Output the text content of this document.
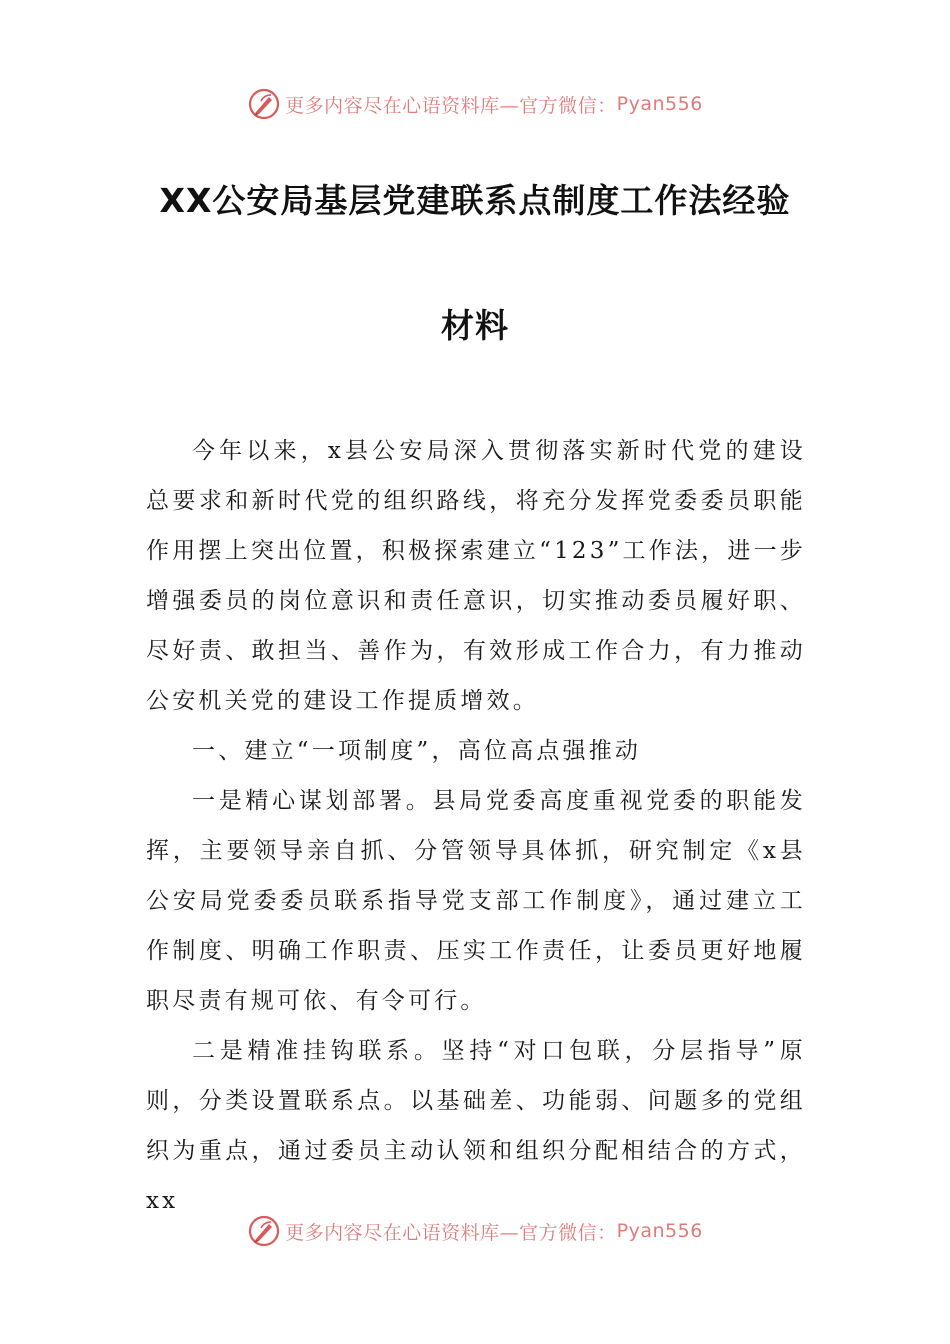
更多内容尽在心语资料库—官方微信： Pyan556
XX公安局基层党建联系点制度工作法经验
材料

今年以来，x县公安局深入贯彻落实新时代党的建设总要求和新时代党的组织路线，将充分发挥党委委员职能作用摆上突出位置，积极探索建立“123”工作法，进一步增强委员的岗位意识和责任意识，切实推动委员履好职、尽好责、敢担当、善作为，有效形成工作合力，有力推动公安机关党的建设工作提质增效。

一、建立“一项制度”，高位高点强推动

一是精心谋划部署。县局党委高度重视党委的职能发挥，主要领导亲自抓、分管领导具体抓，研究制定《x县公安局党委委员联系指导党支部工作制度》，通过建立工作制度、明确工作职责、压实工作责任，让委员更好地履职尽责有规可依、有令可行。

二是精准挂钩联系。坚持“对口包联，分层指导”原则，分类设置联系点。以基础差、功能弱、问题多的党组织为重点，通过委员主动认领和组织分配相结合的方式，xx

更多内容尽在心语资料库—官方微信： Pyan556
